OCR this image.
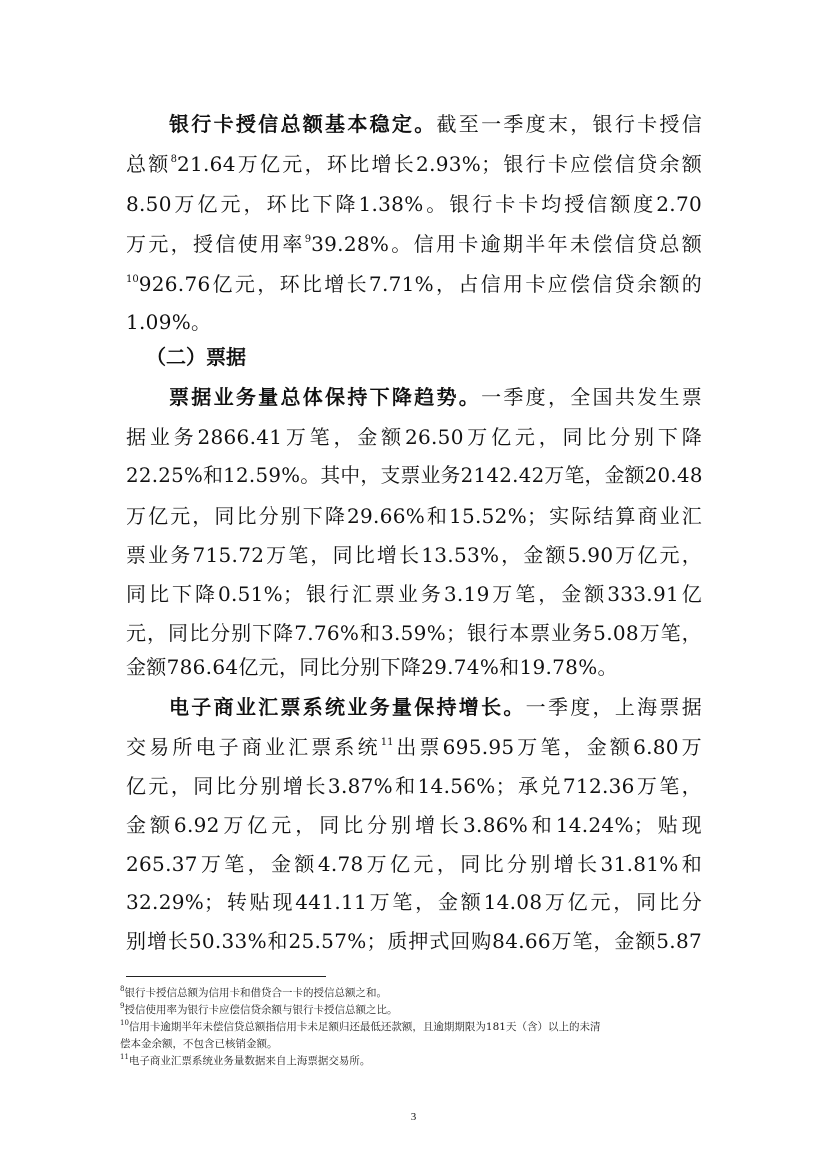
银行卡授信总额基本稳定。截至一季度末，银行卡授信
总额$^8$21.64万亿元，环比增长2.93%；银行卡应偿信贷余额
8.50万亿元，环比下降1.38%。银行卡卡均授信额度2.70
万元，授信使用率$^9$39.28%。信用卡逾期半年未偿信贷总额
$^{10}$926.76亿元，环比增长7.71%，占信用卡应偿信贷余额的
1.09%。
（二）票据
票据业务量总体保持下降趋势。一季度，全国共发生票
据业务2866.41万笔，金额26.50万亿元，同比分别下降
22.25%和12.59%。其中，支票业务2142.42万笔，金额20.48
万亿元，同比分别下降29.66%和15.52%；实际结算商业汇
票业务715.72万笔，同比增长13.53%，金额5.90万亿元，
同比下降0.51%；银行汇票业务3.19万笔，金额333.91亿
元，同比分别下降7.76%和3.59%；银行本票业务5.08万笔，
金额786.64亿元，同比分别下降29.74%和19.78%。
电子商业汇票系统业务量保持增长。一季度，上海票据
交易所电子商业汇票系统$^{11}$出票695.95万笔，金额6.80万
亿元，同比分别增长3.87%和14.56%；承兑712.36万笔，
金额6.92万亿元，同比分别增长3.86%和14.24%；贴现
265.37万笔，金额4.78万亿元，同比分别增长31.81%和
32.29%；转贴现441.11万笔，金额14.08万亿元，同比分
别增长50.33%和25.57%；质押式回购84.66万笔，金额5.87
$^8$银行卡授信总额为信用卡和借贷合一卡的授信总额之和。
$^9$授信使用率为银行卡应偿信贷余额与银行卡授信总额之比。
$^{10}$信用卡逾期半年未偿信贷总额指信用卡未足额归还最低还款额，且逾期期限为181天（含）以上的未清
偿本金余额，不包含已核销金额。
$^{11}$电子商业汇票系统业务量数据来自上海票据交易所。
3
